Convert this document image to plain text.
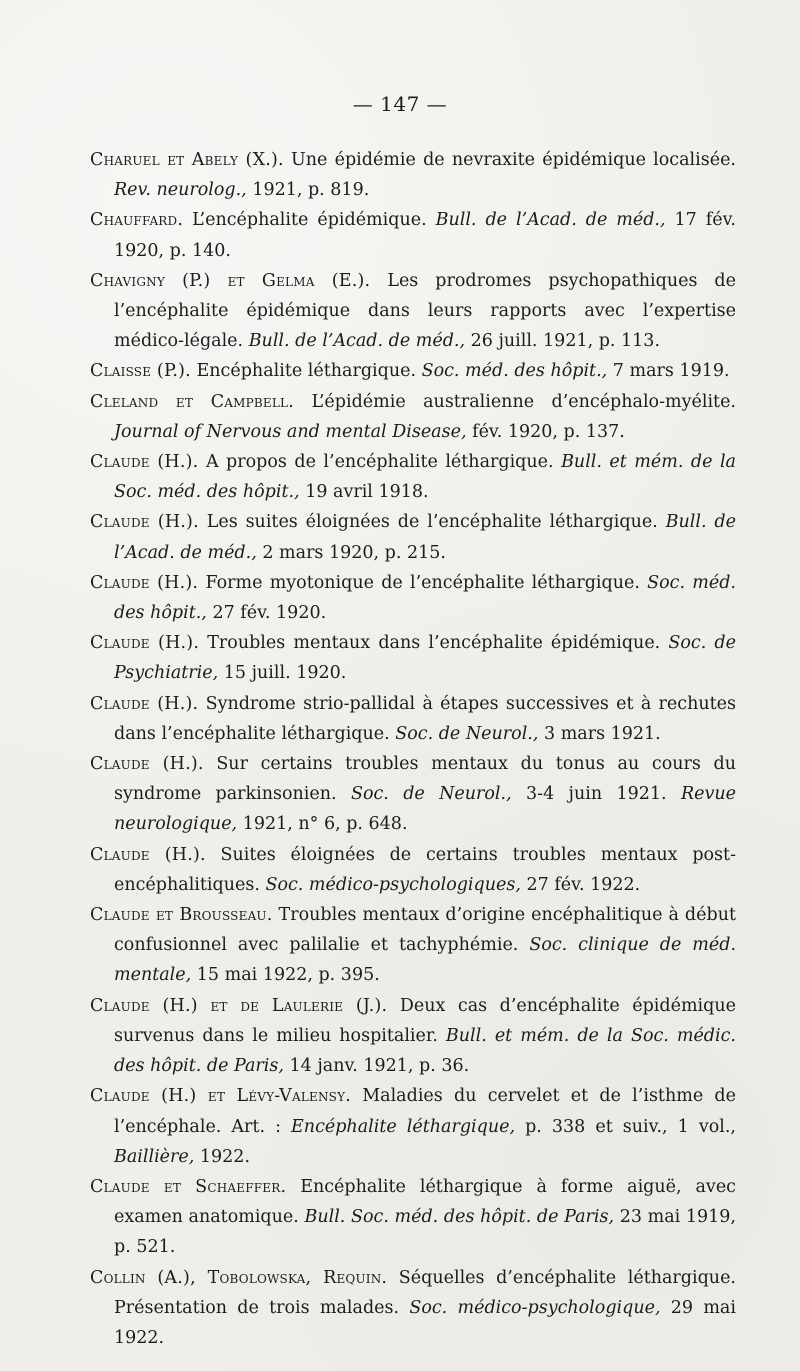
— 147 —

Charuel et Abely (X.). Une épidémie de nevraxite épidémique localisée. Rev. neurolog., 1921, p. 819.

Chauffard. L’encéphalite épidémique. Bull. de l’Acad. de méd., 17 fév. 1920, p. 140.

Chavigny (P.) et Gelma (E.). Les prodromes psychopathiques de l’encéphalite épidémique dans leurs rapports avec l’expertise médico-légale. Bull. de l’Acad. de méd., 26 juill. 1921, p. 113.

Claisse (P.). Encéphalite léthargique. Soc. méd. des hôpit., 7 mars 1919.

Cleland et Campbell. L’épidémie australienne d’encéphalo-myélite. Journal of Nervous and mental Disease, fév. 1920, p. 137.

Claude (H.). A propos de l’encéphalite léthargique. Bull. et mém. de la Soc. méd. des hôpit., 19 avril 1918.

Claude (H.). Les suites éloignées de l’encéphalite léthargique. Bull. de l’Acad. de méd., 2 mars 1920, p. 215.

Claude (H.). Forme myotonique de l’encéphalite léthargique. Soc. méd. des hôpit., 27 fév. 1920.

Claude (H.). Troubles mentaux dans l’encéphalite épidémique. Soc. de Psychiatrie, 15 juill. 1920.

Claude (H.). Syndrome strio-pallidal à étapes successives et à rechutes dans l’encéphalite léthargique. Soc. de Neurol., 3 mars 1921.

Claude (H.). Sur certains troubles mentaux du tonus au cours du syndrome parkinsonien. Soc. de Neurol., 3-4 juin 1921. Revue neurologique, 1921, n° 6, p. 648.

Claude (H.). Suites éloignées de certains troubles mentaux post-encéphalitiques. Soc. médico-psychologiques, 27 fév. 1922.

Claude et Brousseau. Troubles mentaux d’origine encéphalitique à début confusionnel avec palilalie et tachyphémie. Soc. clinique de méd. mentale, 15 mai 1922, p. 395.

Claude (H.) et de Laulerie (J.). Deux cas d’encéphalite épidémique survenus dans le milieu hospitalier. Bull. et mém. de la Soc. médic. des hôpit. de Paris, 14 janv. 1921, p. 36.

Claude (H.) et Lévy-Valensy. Maladies du cervelet et de l’isthme de l’encéphale. Art. : Encéphalite léthargique, p. 338 et suiv., 1 vol., Baillière, 1922.

Claude et Schaeffer. Encéphalite léthargique à forme aiguë, avec examen anatomique. Bull. Soc. méd. des hôpit. de Paris, 23 mai 1919, p. 521.

Collin (A.), Tobolowska, Requin. Séquelles d’encéphalite léthargique. Présentation de trois malades. Soc. médico-psychologique, 29 mai 1922.
